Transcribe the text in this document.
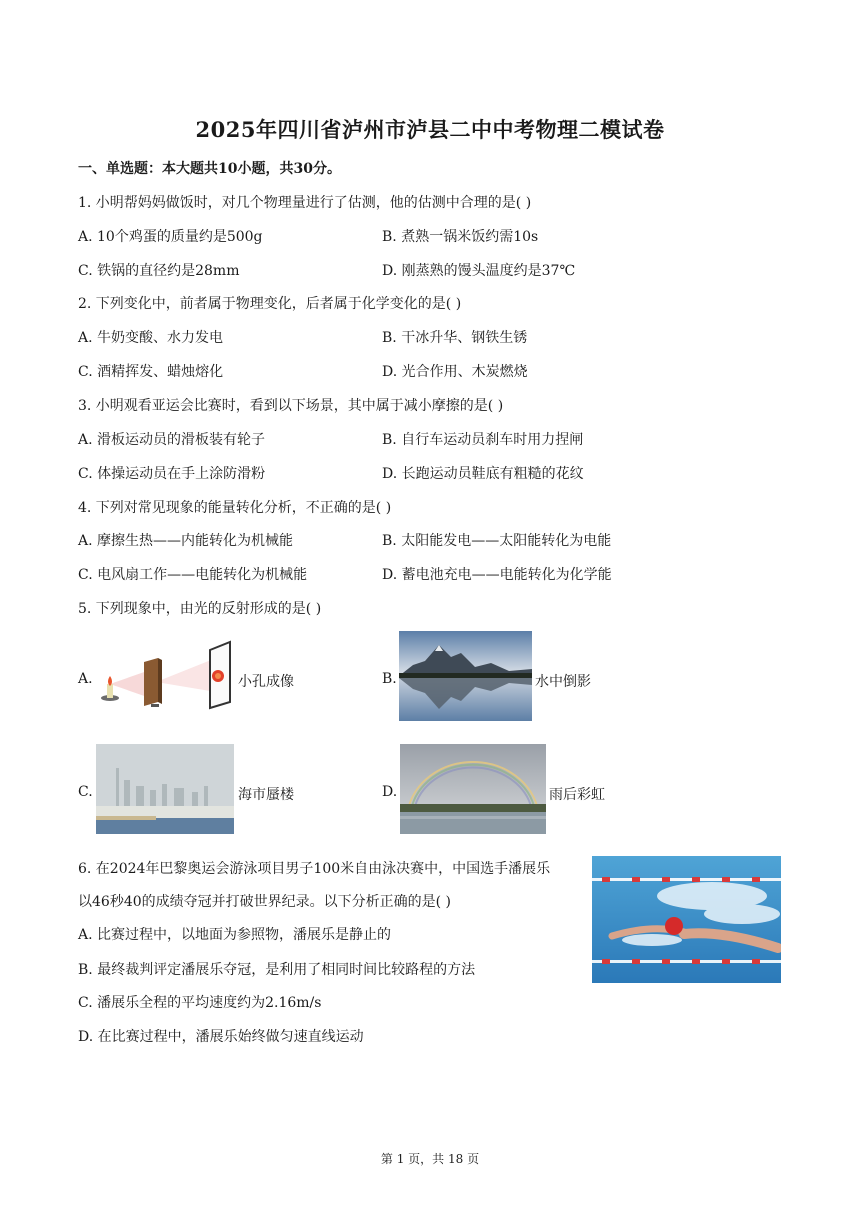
2025年四川省泸州市泸县二中中考物理二模试卷
一、单选题：本大题共10小题，共30分。
1. 小明帮妈妈做饭时，对几个物理量进行了估测，他的估测中合理的是( )
A. 10个鸡蛋的质量约是500g	B. 煮熟一锅米饭约需10s
C. 铁锅的直径约是28mm	D. 刚蒸熟的馒头温度约是37℃
2. 下列变化中，前者属于物理变化，后者属于化学变化的是( )
A. 牛奶变酸、水力发电	B. 干冰升华、钢铁生锈
C. 酒精挥发、蜡烛熔化	D. 光合作用、木炭燃烧
3. 小明观看亚运会比赛时，看到以下场景，其中属于减小摩擦的是( )
A. 滑板运动员的滑板装有轮子	B. 自行车运动员刹车时用力捏闸
C. 体操运动员在手上涂防滑粉	D. 长跑运动员鞋底有粗糙的花纹
4. 下列对常见现象的能量转化分析，不正确的是( )
A. 摩擦生热——内能转化为机械能	B. 太阳能发电——太阳能转化为电能
C. 电风扇工作——电能转化为机械能	D. 蓄电池充电——电能转化为化学能
5. 下列现象中，由光的反射形成的是( )
A.	小孔成像	B.	水中倒影
C.	海市蜃楼	D.	雨后彩虹
6. 在2024年巴黎奥运会游泳项目男子100米自由泳决赛中，中国选手潘展乐
以46秒40的成绩夺冠并打破世界纪录。以下分析正确的是( )
A. 比赛过程中，以地面为参照物，潘展乐是静止的
B. 最终裁判评定潘展乐夺冠，是利用了相同时间比较路程的方法
C. 潘展乐全程的平均速度约为2.16m/s
D. 在比赛过程中，潘展乐始终做匀速直线运动
第 1 页，共 18 页
